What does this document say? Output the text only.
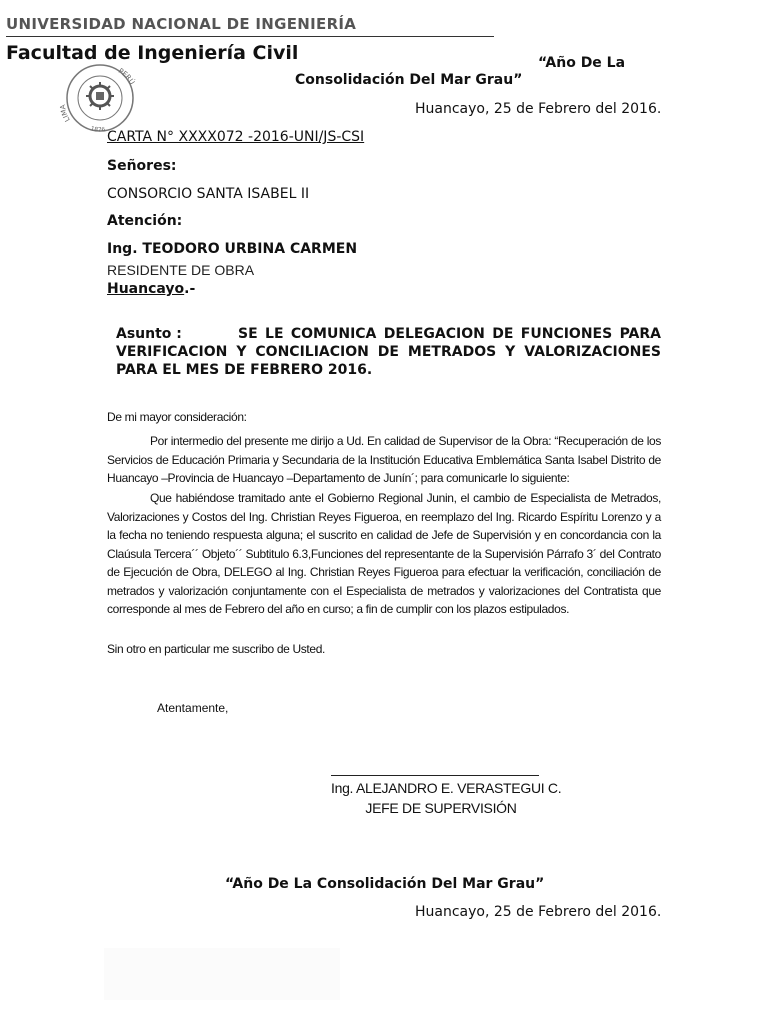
UNIVERSIDAD NACIONAL DE INGENIERÍA
Facultad de Ingeniería Civil
LIMA
PERÚ
1876
“Año De La
Consolidación Del Mar Grau”
Huancayo, 25 de Febrero del 2016.
CARTA N° XXXX072 -2016-UNI/JS-CSI
Señores:
CONSORCIO SANTA ISABEL II
Atención:
Ing. TEODORO URBINA CARMEN
RESIDENTE DE OBRA
Huancayo.-
Asunto :	SE LE COMUNICA DELEGACION DE FUNCIONES PARA VERIFICACION Y CONCILIACION DE METRADOS Y VALORIZACIONES PARA EL MES DE FEBRERO 2016.
De mi mayor consideración:
Por intermedio del presente me dirijo a Ud. En calidad de Supervisor de la Obra: “Recuperación de los Servicios de Educación Primaria y Secundaria de la Institución Educativa Emblemática Santa Isabel Distrito de Huancayo –Provincia de Huancayo –Departamento de Junín´; para comunicarle lo siguiente:
Que habiéndose tramitado ante el Gobierno Regional Junin, el cambio de Especialista de Metrados, Valorizaciones y Costos del Ing. Christian Reyes Figueroa, en reemplazo del Ing. Ricardo Espíritu Lorenzo y a la fecha no teniendo respuesta alguna; el suscrito en calidad de Jefe de Supervisión y en concordancia con la Claúsula Tercera´´ Objeto´´ Subtitulo 6.3,Funciones del representante de la Supervisión Párrafo 3´ del Contrato de Ejecución de Obra, DELEGO al Ing. Christian Reyes Figueroa para efectuar la verificación, conciliación de metrados y valorización conjuntamente con el Especialista de metrados y valorizaciones del Contratista que corresponde al mes de Febrero del año en curso; a fin de cumplir con los plazos estipulados.
Sin otro en particular me suscribo de Usted.
Atentamente,
Ing. ALEJANDRO E. VERASTEGUI C.
JEFE DE SUPERVISIÓN
“Año De La Consolidación Del Mar Grau”
Huancayo, 25 de Febrero del 2016.
